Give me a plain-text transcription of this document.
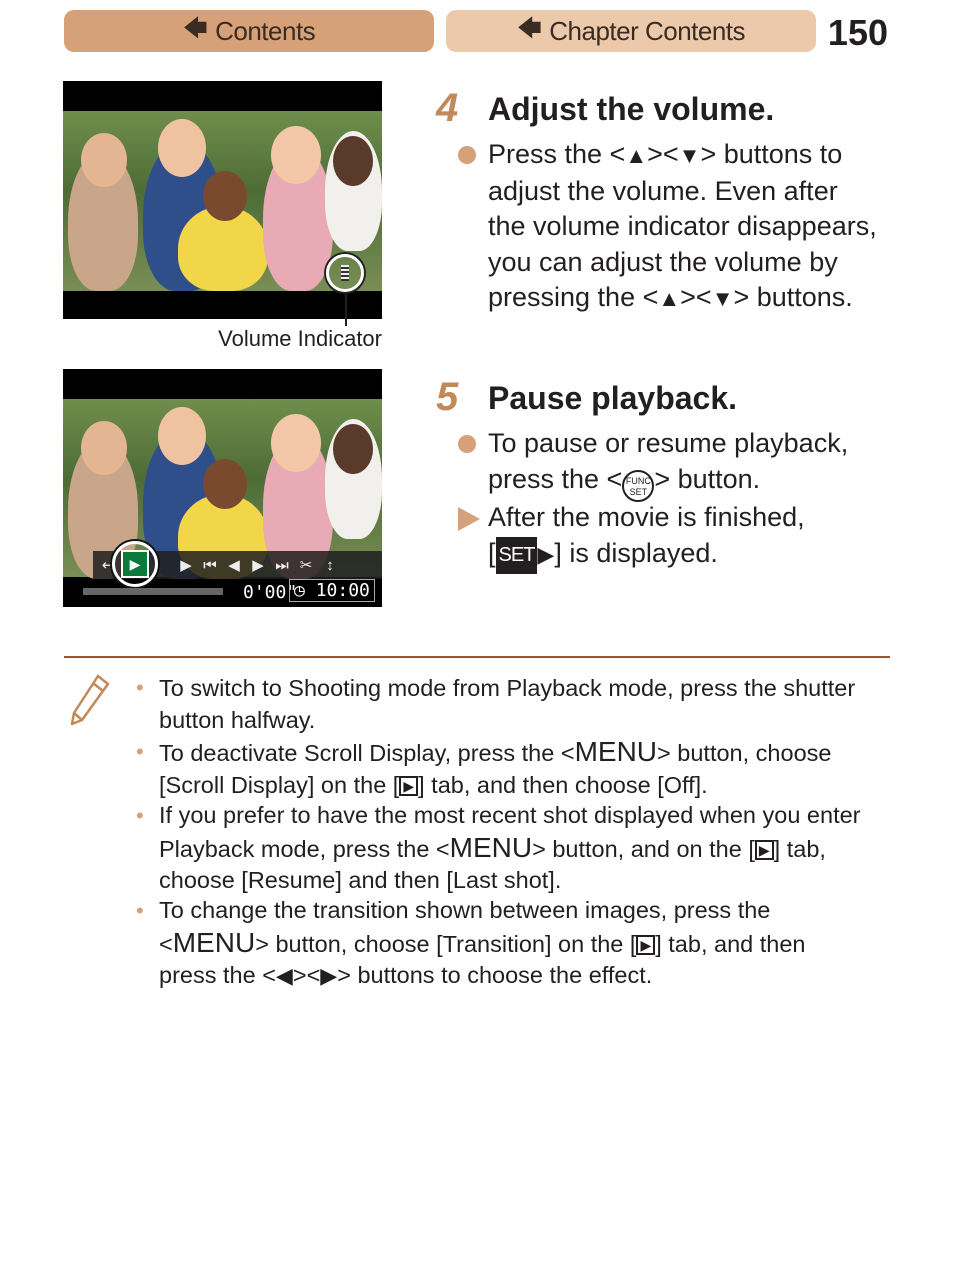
🡄 Contents	🡄 Chapter Contents 150
Volume Indicator
↵	▶ ⏮ ◀ ▶ ⏭ ✂ ↕
▶
0'00"
◷ 10:00
4 Adjust the volume.
Press the <▲><▼> buttons to
adjust the volume. Even after
the volume indicator disappears,
you can adjust the volume by
pressing the <▲><▼> buttons.
5 Pause playback.
To pause or resume playback,
press the < FUNC
SET > button.
After the movie is finished,
[ SET ▶] is displayed.
• To switch to Shooting mode from Playback mode, press the shutter
button halfway.
• To deactivate Scroll Display, press the <MENU> button, choose
[Scroll Display] on the [ ▶ ] tab, and then choose [Off].
• If you prefer to have the most recent shot displayed when you enter
Playback mode, press the <MENU> button, and on the [ ▶ ] tab,
choose [Resume] and then [Last shot].
• To change the transition shown between images, press the
<MENU> button, choose [Transition] on the [ ▶ ] tab, and then
press the <◀><▶> buttons to choose the effect.
